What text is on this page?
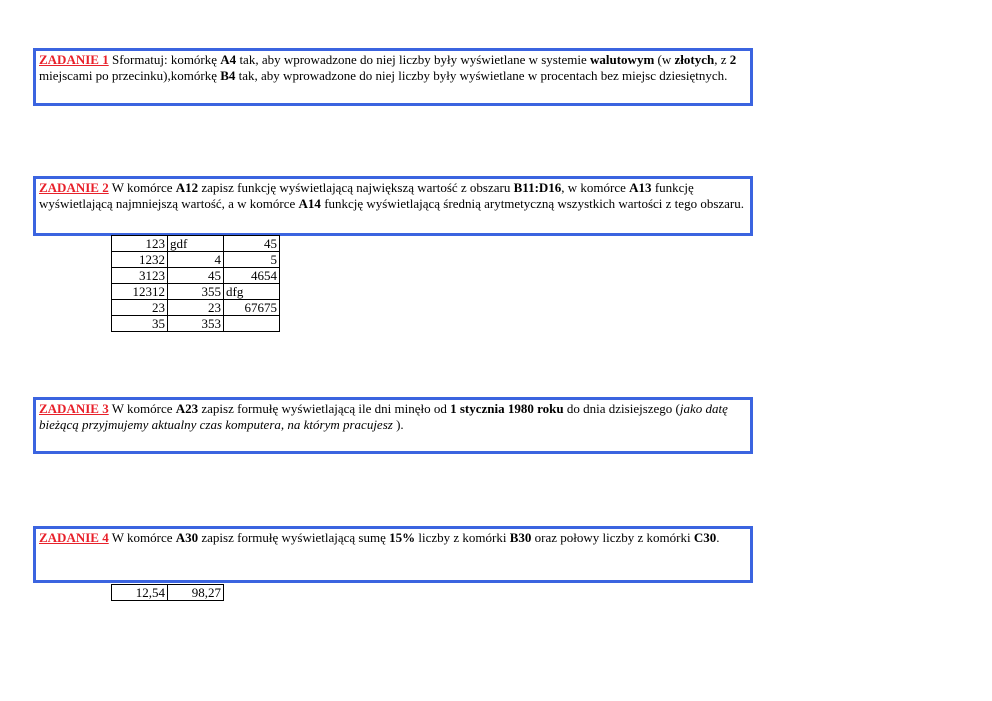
ZADANIE 1 Sformatuj: komórkę A4 tak, aby wprowadzone do niej liczby były wyświetlane w systemie walutowym (w złotych, z 2 miejscami po przecinku),komórkę B4 tak, aby wprowadzone do niej liczby były wyświetlane w procentach bez miejsc dziesiętnych.
ZADANIE 2 W komórce A12 zapisz funkcję wyświetlającą największą wartość z obszaru B11:D16, w komórce A13 funkcję wyświetlającą najmniejszą wartość, a w komórce A14 funkcję wyświetlającą średnią arytmetyczną wszystkich wartości z tego obszaru.
123	gdf	45
1232	4	5
3123	45	4654
12312	355	dfg
23	23	67675
35	353	
ZADANIE 3 W komórce A23 zapisz formułę wyświetlającą ile dni minęło od 1 stycznia 1980 roku do dnia dzisiejszego (jako datę bieżącą przyjmujemy aktualny czas komputera, na którym pracujesz ).
ZADANIE 4 W komórce A30 zapisz formułę wyświetlającą sumę 15% liczby z komórki B30 oraz połowy liczby z komórki C30.
12,54	98,27
